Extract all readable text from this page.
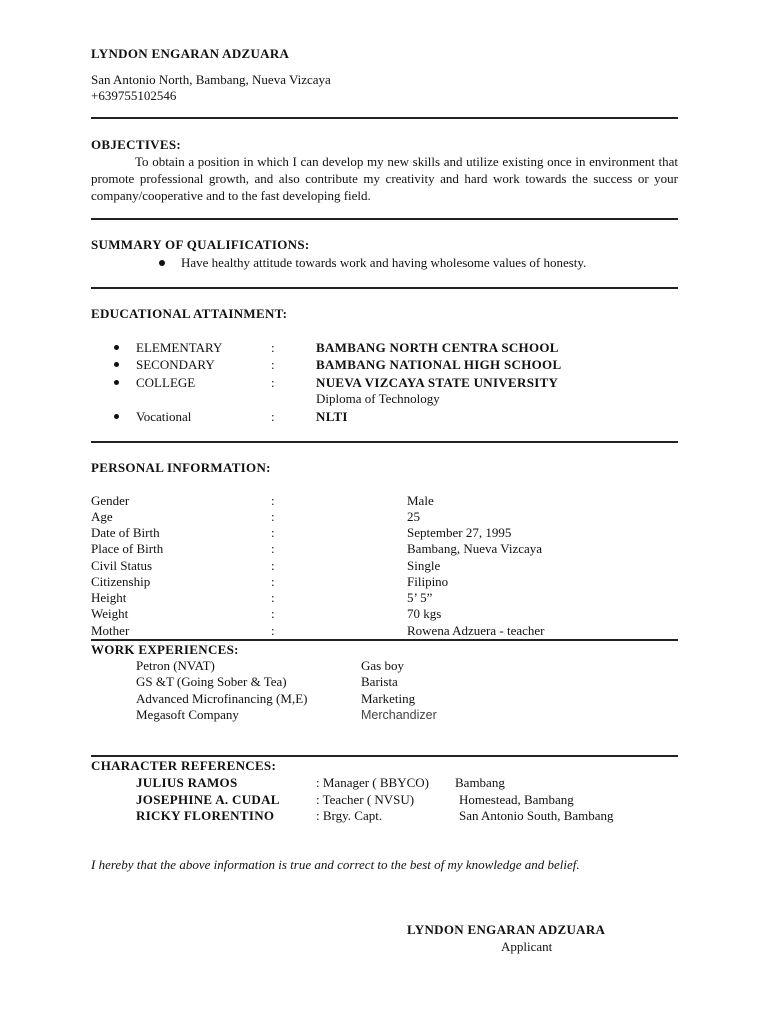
LYNDON ENGARAN ADZUARA
San Antonio North, Bambang, Nueva Vizcaya
+639755102546
OBJECTIVES:
To obtain a position in which I can develop my new skills and utilize existing once in environment that promote professional growth, and also contribute my creativity and hard work towards the success or your company/cooperative and to the fast developing field.
SUMMARY OF QUALIFICATIONS:
Have healthy attitude towards work and having wholesome values of honesty.
EDUCATIONAL ATTAINMENT:
ELEMENTARY	:	BAMBANG NORTH CENTRA SCHOOL
SECONDARY	:	BAMBANG NATIONAL HIGH SCHOOL
COLLEGE	:	NUEVA VIZCAYA STATE UNIVERSITY
Diploma of Technology
Vocational	:	NLTI
PERSONAL INFORMATION:
Gender	:	Male
Age	:	25
Date of Birth	:	September 27, 1995
Place of Birth	:	Bambang, Nueva Vizcaya
Civil Status	:	Single
Citizenship	:	Filipino
Height	:	5’ 5”
Weight	:	70 kgs
Mother	:	Rowena Adzuera - teacher
WORK EXPERIENCES:
Petron (NVAT)	Gas boy
GS &T (Going Sober & Tea)	Barista
Advanced Microfinancing (M,E)	Marketing
Megasoft Company	Merchandizer
CHARACTER REFERENCES:
JULIUS RAMOS	: Manager ( BBYCO) Bambang
JOSEPHINE A. CUDAL	: Teacher ( NVSU)	Homestead, Bambang
RICKY FLORENTINO	: Brgy. Capt.	San Antonio South, Bambang
I hereby that the above information is true and correct to the best of my knowledge and belief.
LYNDON ENGARAN ADZUARA
Applicant
